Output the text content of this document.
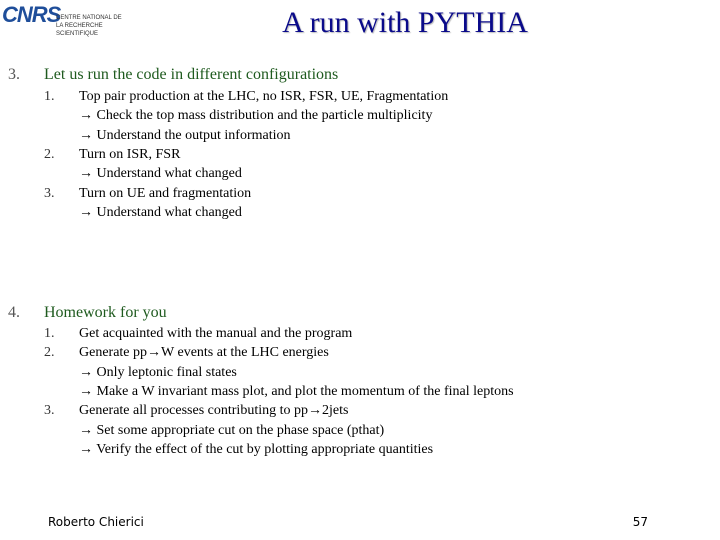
CNRS
CENTRE NATIONAL DE LA RECHERCHE SCIENTIFIQUE	A run with PYTHIA
3. Let us run the code in different configurations
1. Top pair production at the LHC, no ISR, FSR, UE, Fragmentation
→ Check the top mass distribution and the particle multiplicity
→ Understand the output information
2. Turn on ISR, FSR
→ Understand what changed
3. Turn on UE and fragmentation
→ Understand what changed
4. Homework for you
1. Get acquainted with the manual and the program
2. Generate pp→W events at the LHC energies
→ Only leptonic final states
→ Make a W invariant mass plot, and plot the momentum of the final leptons
3. Generate all processes contributing to pp→2jets
→ Set some appropriate cut on the phase space (pthat)
→ Verify the effect of the cut by plotting appropriate quantities
Roberto Chierici	57
